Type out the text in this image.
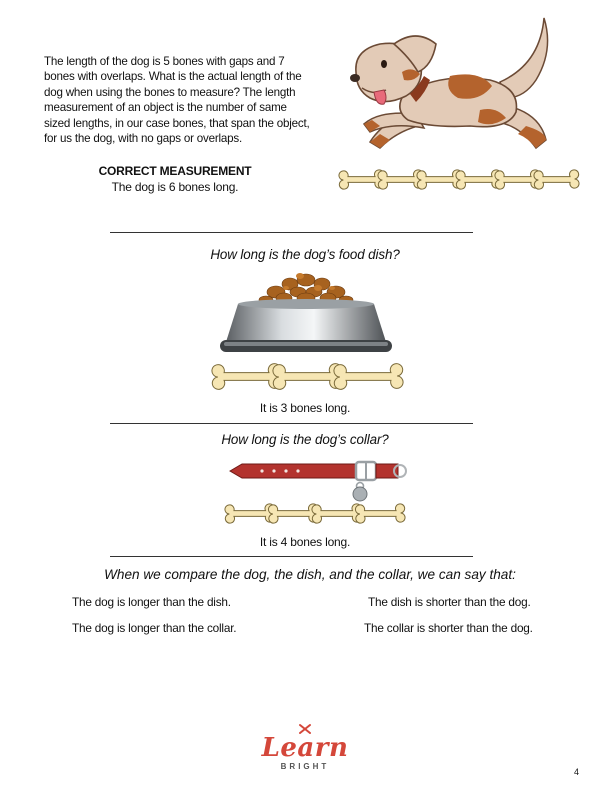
The length of the dog is 5 bones with gaps and 7 bones with overlaps. What is the actual length of the dog when using the bones to measure? The length measurement of an object is the number of same sized lengths, in our case bones, that span the object, for us the dog, with no gaps or overlaps.
CORRECT MEASUREMENT
The dog is 6 bones long.
How long is the dog’s food dish?
It is 3 bones long.
How long is the dog’s collar?
It is 4 bones long.
When we compare the dog, the dish, and the collar, we can say that:
The dog is longer than the dish.	The dish is shorter than the dog.
The dog is longer than the collar.	The collar is shorter than the dog.
Learn
BRIGHT
4
